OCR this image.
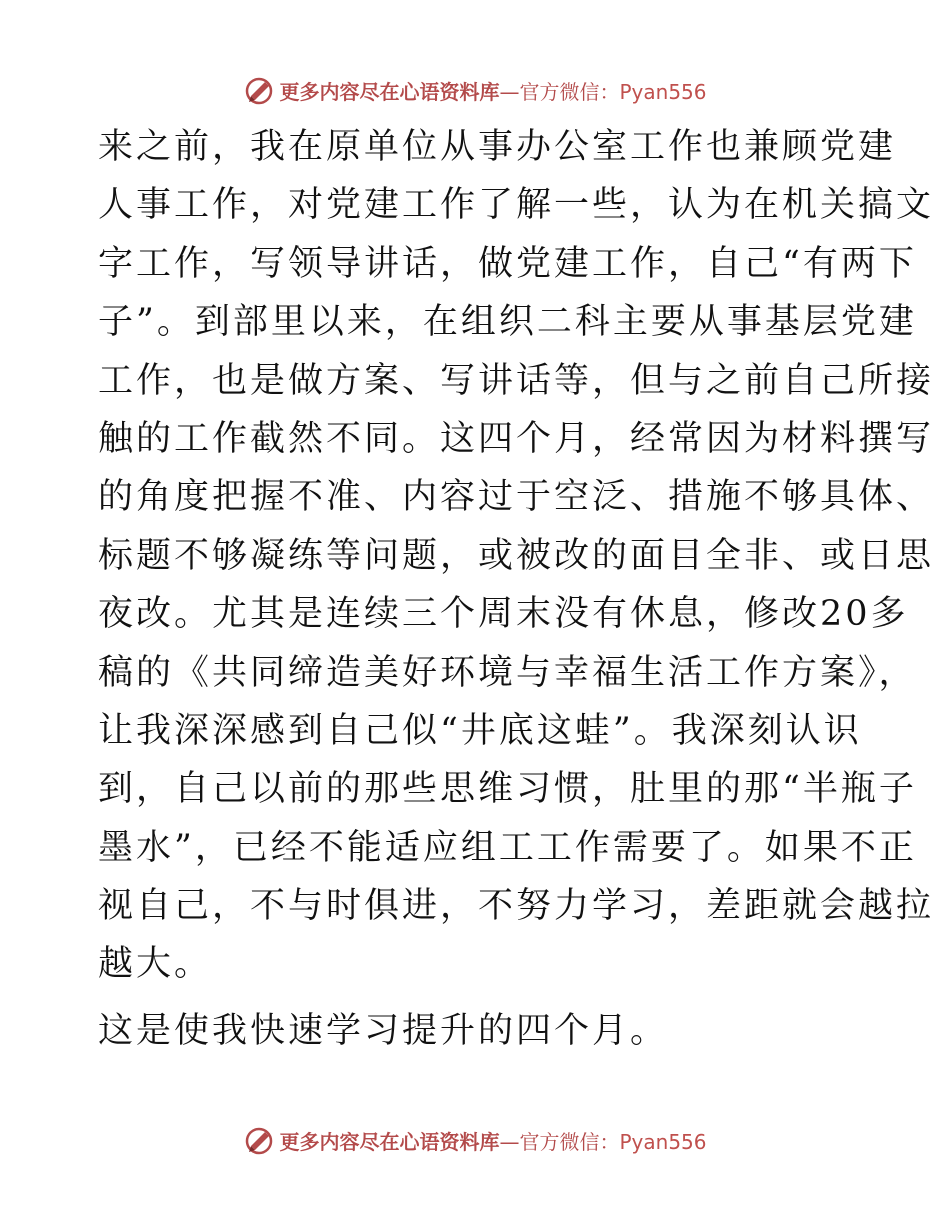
更多内容尽在心语资料库—官方微信：Pyan556
来之前，我在原单位从事办公室工作也兼顾党建
人事工作，对党建工作了解一些，认为在机关搞文
字工作，写领导讲话，做党建工作，自己“有两下
子”。到部里以来，在组织二科主要从事基层党建
工作，也是做方案、写讲话等，但与之前自己所接
触的工作截然不同。这四个月，经常因为材料撰写
的角度把握不准、内容过于空泛、措施不够具体、
标题不够凝练等问题，或被改的面目全非、或日思
夜改。尤其是连续三个周末没有休息，修改20多
稿的《共同缔造美好环境与幸福生活工作方案》，
让我深深感到自己似“井底这蛙”。我深刻认识
到，自己以前的那些思维习惯，肚里的那“半瓶子
墨水”，已经不能适应组工工作需要了。如果不正
视自己，不与时俱进，不努力学习，差距就会越拉
越大。
这是使我快速学习提升的四个月。
更多内容尽在心语资料库—官方微信：Pyan556
